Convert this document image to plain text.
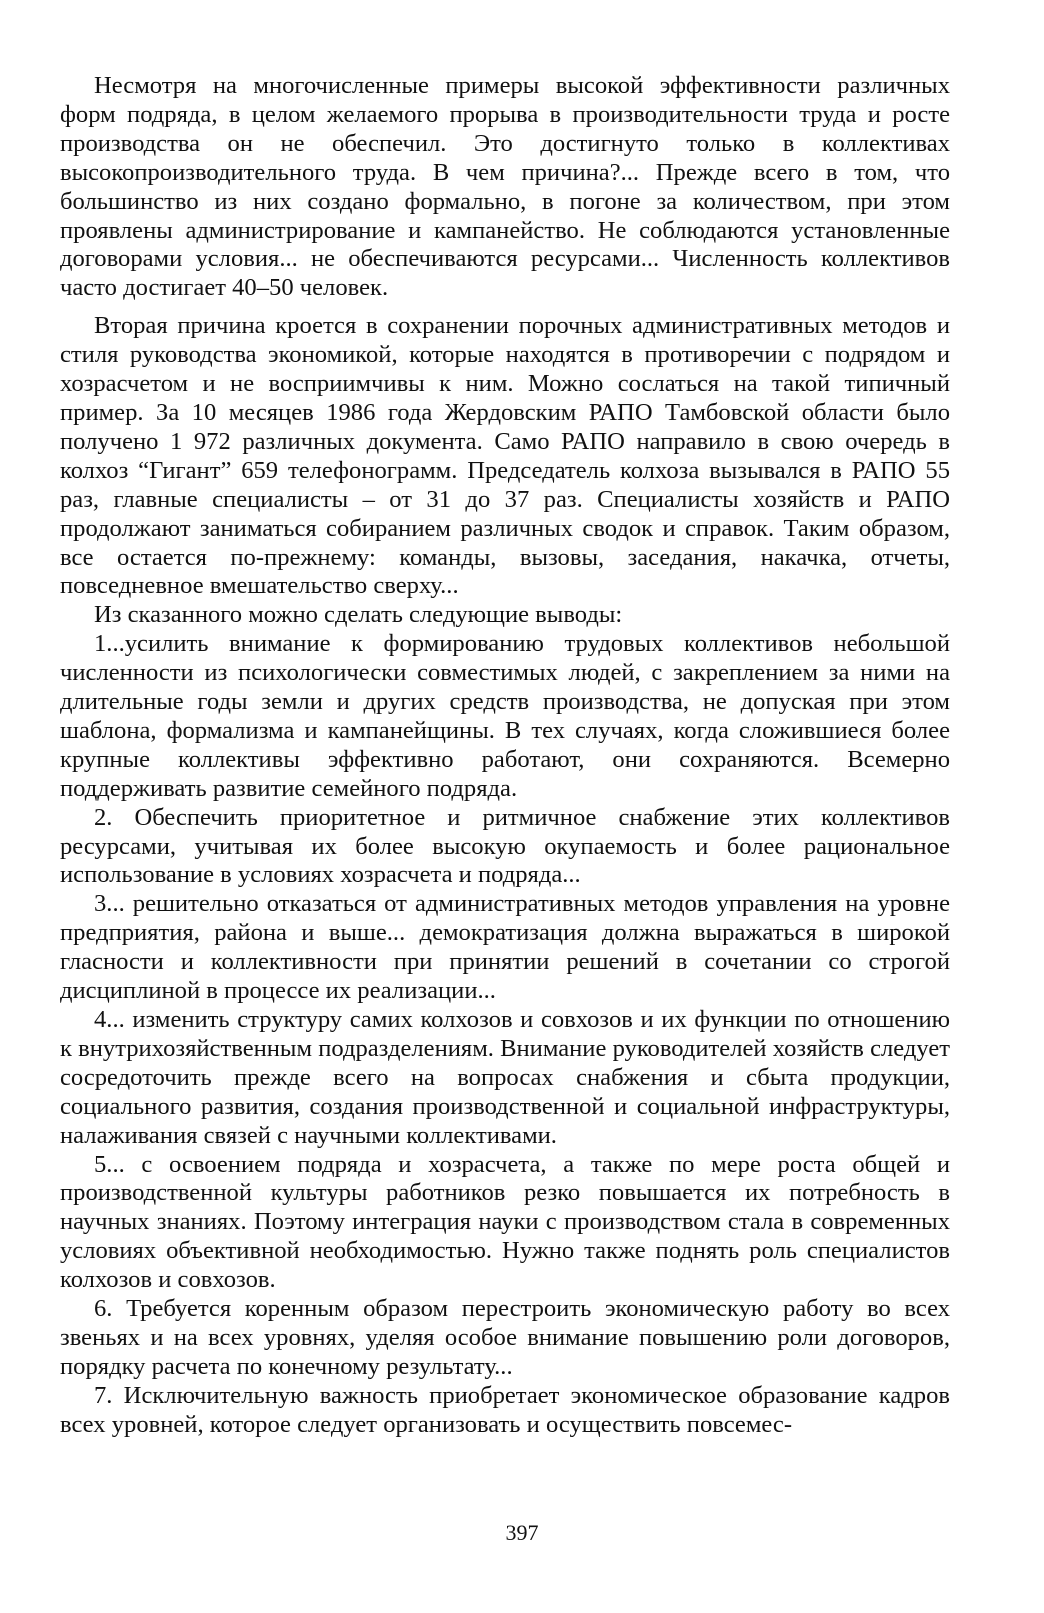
Несмотря на многочисленные примеры высокой эффективности различных форм подряда, в целом желаемого прорыва в производительности труда и росте производства он не обеспечил. Это достигнуто только в коллективах высокопроизводительного труда. В чем причина?... Прежде всего в том, что большинство из них создано формально, в погоне за количеством, при этом проявлены администрирование и кампанейство. Не соблюдаются установленные договорами условия... не обеспечиваются ресурсами... Численность коллективов часто достигает 40–50 человек.

Вторая причина кроется в сохранении порочных административных методов и стиля руководства экономикой, которые находятся в противоречии с подрядом и хозрасчетом и не восприимчивы к ним. Можно сослаться на такой типичный пример. За 10 месяцев 1986 года Жердовским РАПО Тамбовской области было получено 1 972 различных документа. Само РАПО направило в свою очередь в колхоз “Гигант” 659 телефонограмм. Председатель колхоза вызывался в РАПО 55 раз, главные специалисты – от 31 до 37 раз. Специалисты хозяйств и РАПО продолжают заниматься собиранием различных сводок и справок. Таким образом, все остается по-прежнему: команды, вызовы, заседания, накачка, отчеты, повседневное вмешательство сверху...

Из сказанного можно сделать следующие выводы:

1...усилить внимание к формированию трудовых коллективов небольшой численности из психологически совместимых людей, с закреплением за ними на длительные годы земли и других средств производства, не допуская при этом шаблона, формализма и кампанейщины. В тех случаях, когда сложившиеся более крупные коллективы эффективно работают, они сохраняются. Всемерно поддерживать развитие семейного подряда.

2. Обеспечить приоритетное и ритмичное снабжение этих коллективов ресурсами, учитывая их более высокую окупаемость и более рациональное использование в условиях хозрасчета и подряда...

3... решительно отказаться от административных методов управления на уровне предприятия, района и выше... демократизация должна выражаться в широкой гласности и коллективности при принятии решений в сочетании со строгой дисциплиной в процессе их реализации...

4... изменить структуру самих колхозов и совхозов и их функции по отношению к внутрихозяйственным подразделениям. Внимание руководителей хозяйств следует сосредоточить прежде всего на вопросах снабжения и сбыта продукции, социального развития, создания производственной и социальной инфраструктуры, налаживания связей с научными коллективами.

5... с освоением подряда и хозрасчета, а также по мере роста общей и производственной культуры работников резко повышается их потребность в научных знаниях. Поэтому интеграция науки с производством стала в современных условиях объективной необходимостью. Нужно также поднять роль специалистов колхозов и совхозов.

6. Требуется коренным образом перестроить экономическую работу во всех звеньях и на всех уровнях, уделяя особое внимание повышению роли договоров, порядку расчета по конечному результату...

7. Исключительную важность приобретает экономическое образование кадров всех уровней, которое следует организовать и осуществить повсемес-

397
